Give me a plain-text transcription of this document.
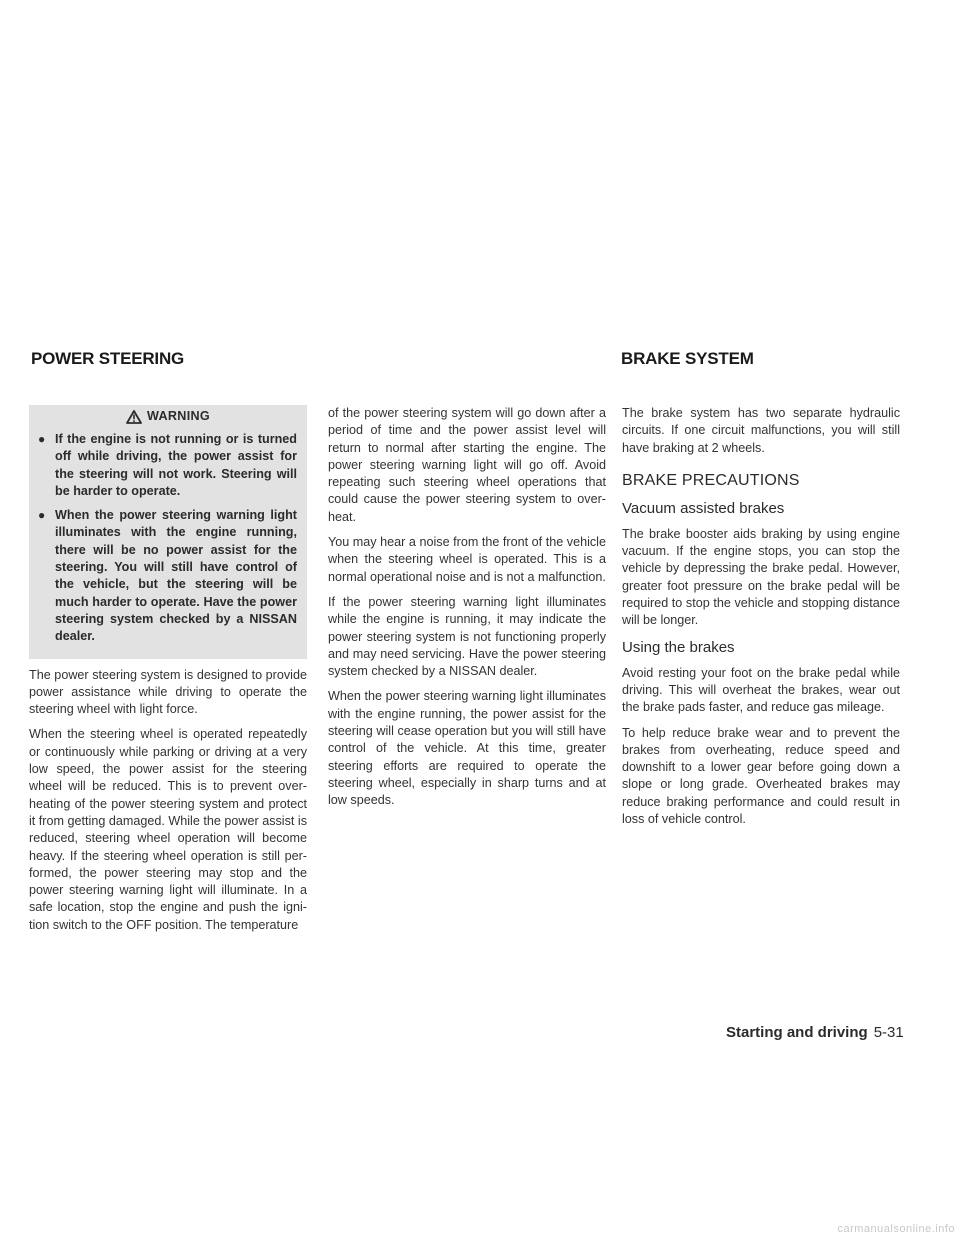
POWER STEERING	BRAKE SYSTEM
WARNING
● If the engine is not running or is turned off while driving, the power assist for the steering will not work. Steering will be harder to operate.
● When the power steering warning light illuminates with the engine running, there will be no power assist for the steering. You will still have control of the vehicle, but the steering will be much harder to operate. Have the power steering system checked by a NISSAN dealer.

The power steering system is designed to provide power assistance while driving to operate the steering wheel with light force.

When the steering wheel is operated repeatedly or continuously while parking or driving at a very low speed, the power assist for the steering wheel will be reduced. This is to prevent overheating of the power steering system and protect it from getting damaged. While the power assist is reduced, steering wheel operation will become heavy. If the steering wheel operation is still performed, the power steering may stop and the power steering warning light will illuminate. In a safe location, stop the engine and push the ignition switch to the OFF position. The temperature

of the power steering system will go down after a period of time and the power assist level will return to normal after starting the engine. The power steering warning light will go off. Avoid repeating such steering wheel operations that could cause the power steering system to overheat.

You may hear a noise from the front of the vehicle when the steering wheel is operated. This is a normal operational noise and is not a malfunction.

If the power steering warning light illuminates while the engine is running, it may indicate the power steering system is not functioning properly and may need servicing. Have the power steering system checked by a NISSAN dealer.

When the power steering warning light illuminates with the engine running, the power assist for the steering will cease operation but you will still have control of the vehicle. At this time, greater steering efforts are required to operate the steering wheel, especially in sharp turns and at low speeds.

The brake system has two separate hydraulic circuits. If one circuit malfunctions, you will still have braking at 2 wheels.

BRAKE PRECAUTIONS
Vacuum assisted brakes

The brake booster aids braking by using engine vacuum. If the engine stops, you can stop the vehicle by depressing the brake pedal. However, greater foot pressure on the brake pedal will be required to stop the vehicle and stopping distance will be longer.

Using the brakes

Avoid resting your foot on the brake pedal while driving. This will overheat the brakes, wear out the brake pads faster, and reduce gas mileage.

To help reduce brake wear and to prevent the brakes from overheating, reduce speed and downshift to a lower gear before going down a slope or long grade. Overheated brakes may reduce braking performance and could result in loss of vehicle control.

Starting and driving 5-31
carmanualsonline.info
